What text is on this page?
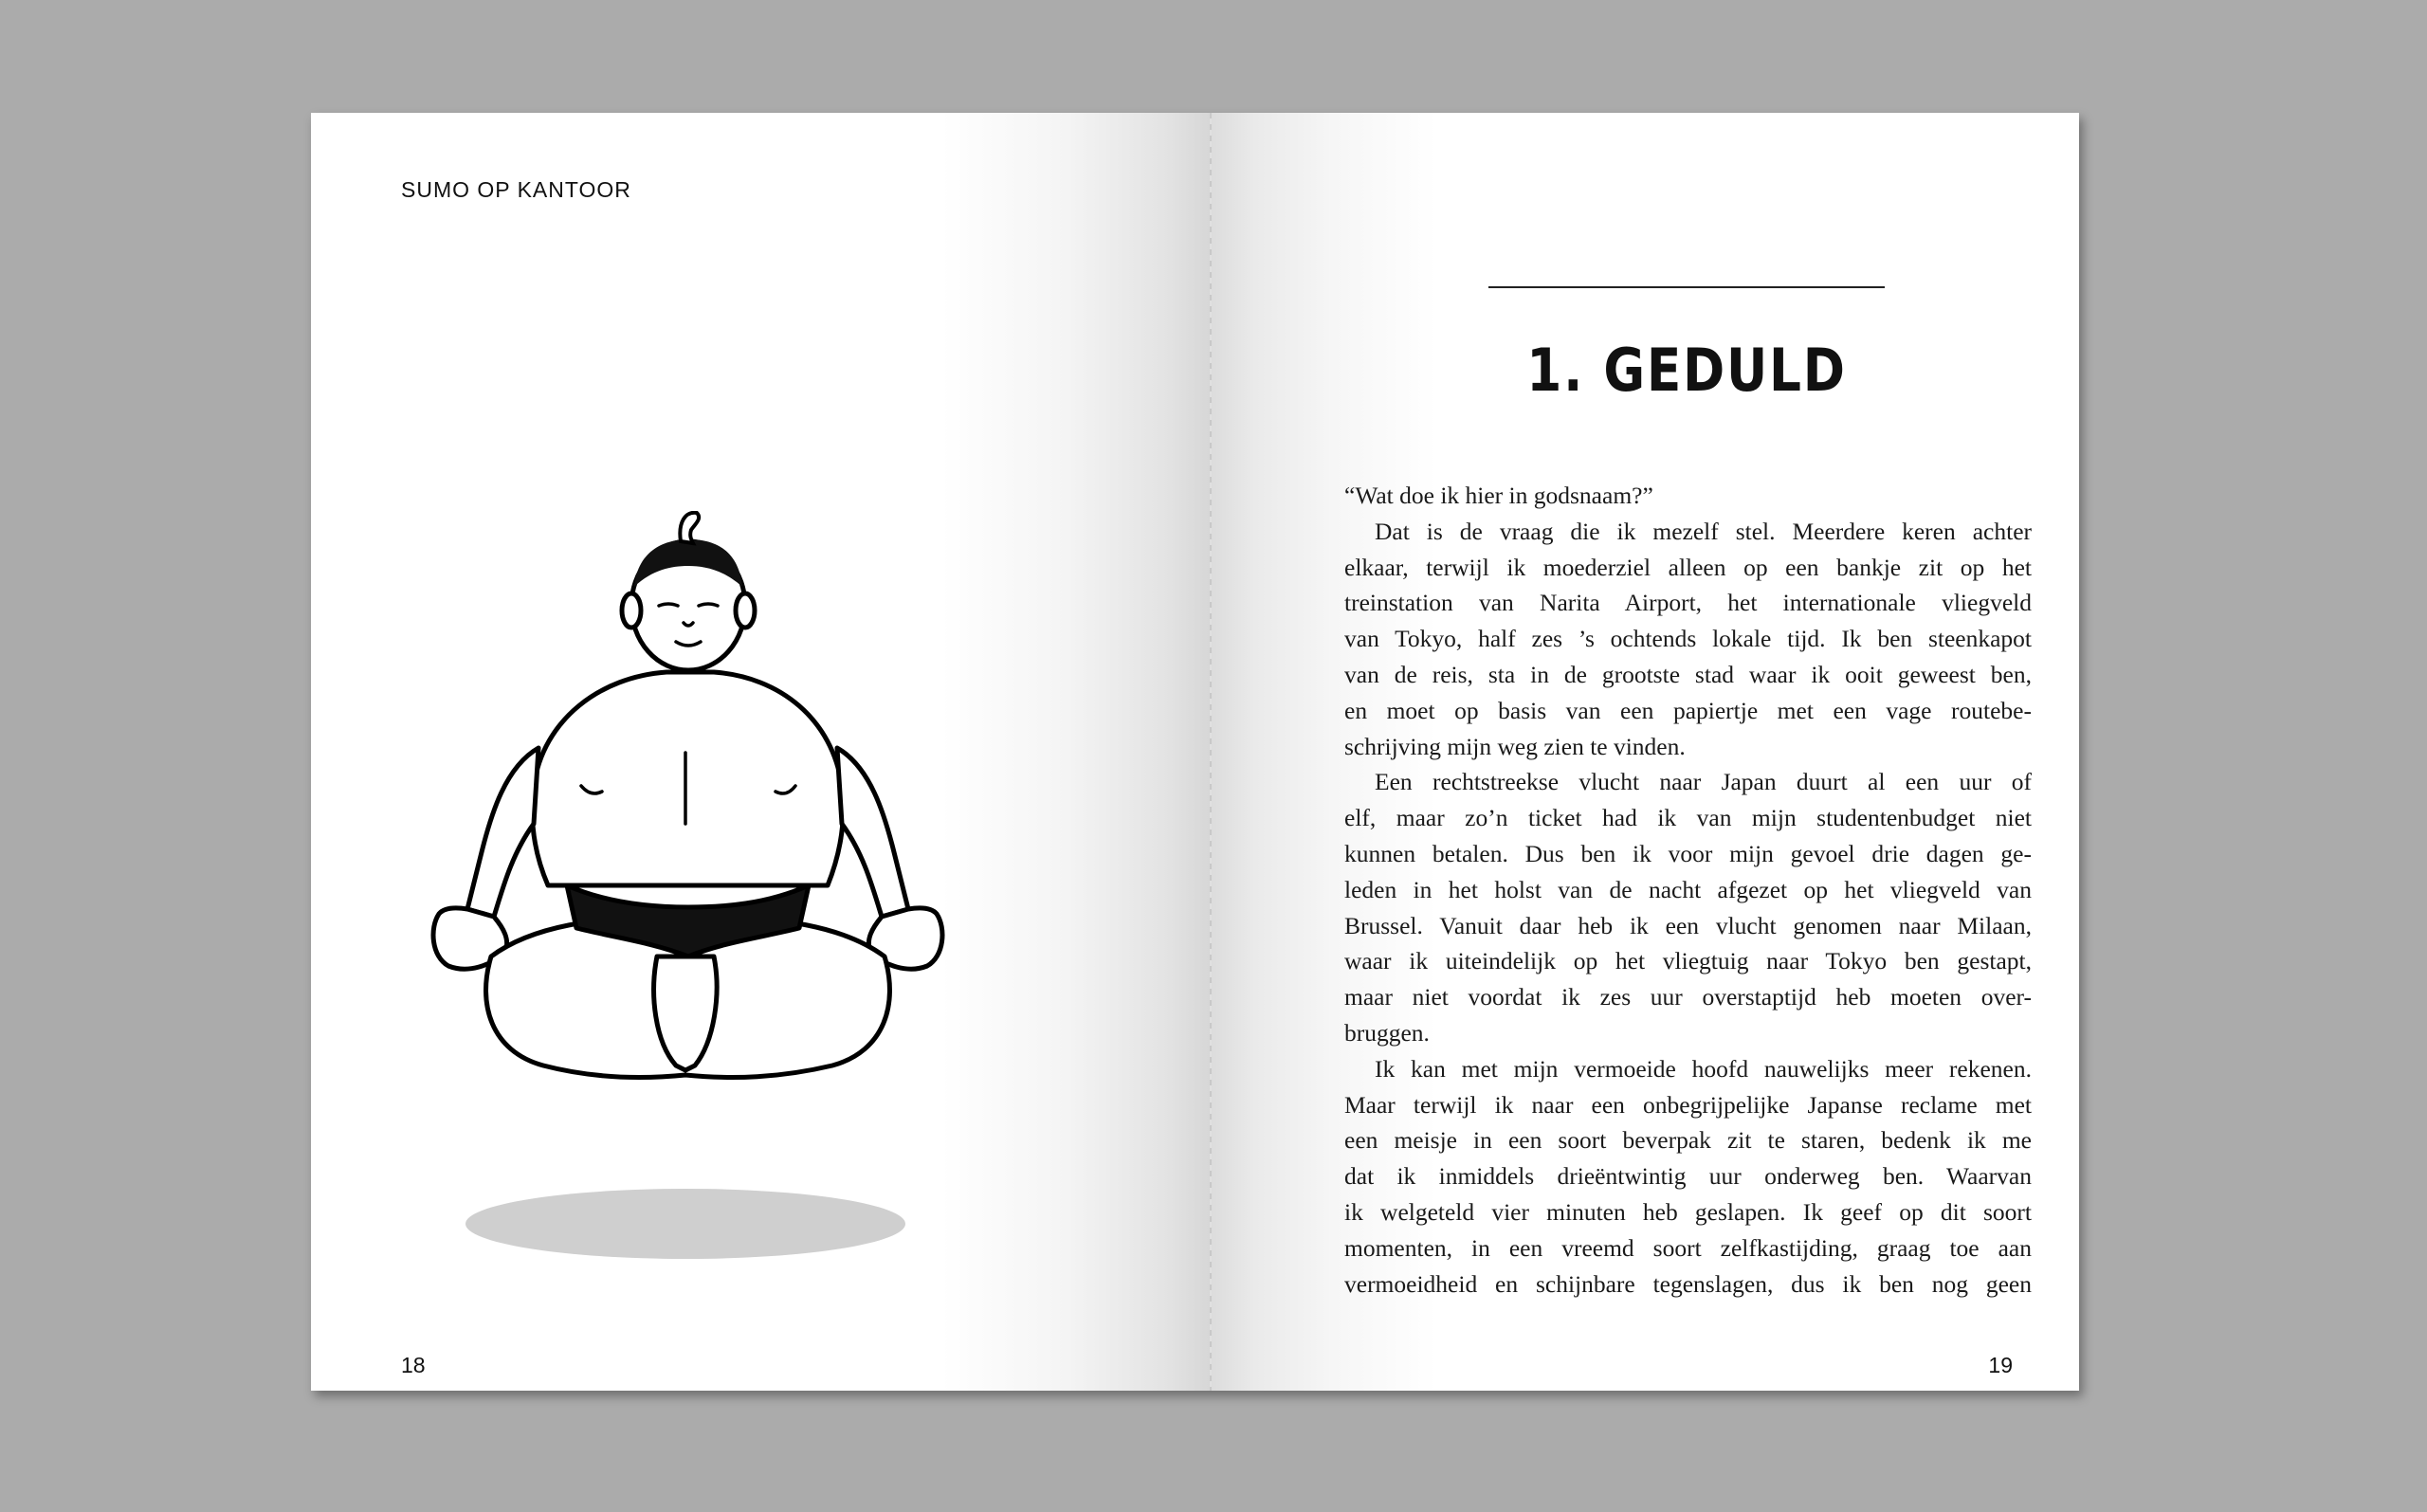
SUMO OP KANTOOR
18
1. GEDULD

“Wat doe ik hier in godsnaam?”

Dat is de vraag die ik mezelf stel. Meerdere keren achter

elkaar, terwijl ik moederziel alleen op een bankje zit op het

treinstation van Narita Airport, het internationale vliegveld

van Tokyo, half zes ’s ochtends lokale tijd. Ik ben steenkapot

van de reis, sta in de grootste stad waar ik ooit geweest ben,

en moet op basis van een papiertje met een vage routebe-

schrijving mijn weg zien te vinden.

Een rechtstreekse vlucht naar Japan duurt al een uur of

elf, maar zo’n ticket had ik van mijn studentenbudget niet

kunnen betalen. Dus ben ik voor mijn gevoel drie dagen ge-

leden in het holst van de nacht afgezet op het vliegveld van

Brussel. Vanuit daar heb ik een vlucht genomen naar Milaan,

waar ik uiteindelijk op het vliegtuig naar Tokyo ben gestapt,

maar niet voordat ik zes uur overstaptijd heb moeten over-

bruggen.

Ik kan met mijn vermoeide hoofd nauwelijks meer rekenen.

Maar terwijl ik naar een onbegrijpelijke Japanse reclame met

een meisje in een soort beverpak zit te staren, bedenk ik me

dat ik inmiddels drieëntwintig uur onderweg ben. Waarvan

ik welgeteld vier minuten heb geslapen. Ik geef op dit soort

momenten, in een vreemd soort zelfkastijding, graag toe aan

vermoeidheid en schijnbare tegenslagen, dus ik ben nog geen

19
